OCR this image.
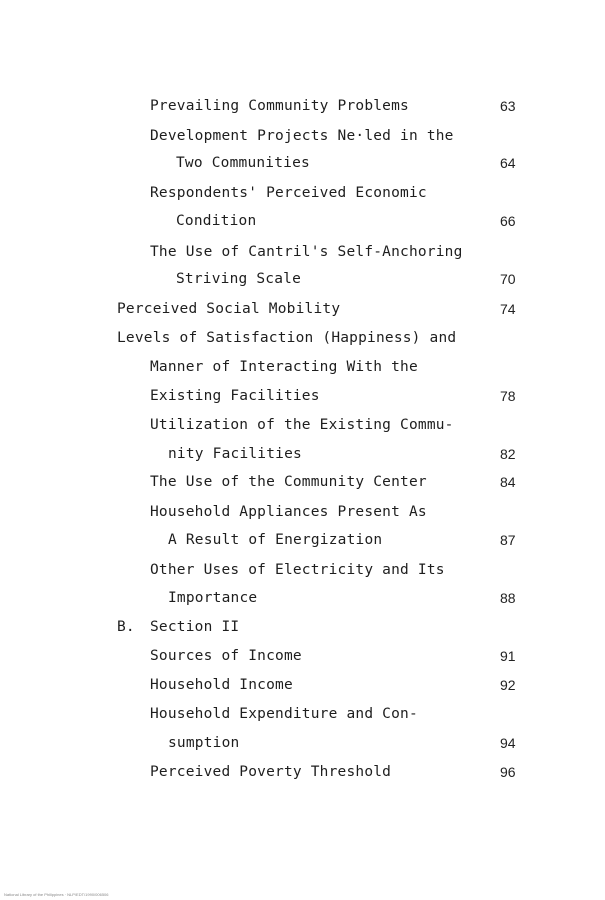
Prevailing Community Problems	63
Development Projects Ne·led in the
Two Communities	64
Respondents' Perceived Economic
Condition	66
The Use of Cantril's Self-Anchoring
Striving Scale	70
Perceived Social Mobility	74
Levels of Satisfaction (Happiness) and
Manner of Interacting With the
Existing Facilities	78
Utilization of the Existing Commu-
nity Facilities	82
The Use of the Community Center	84
Household Appliances Present As
A Result of Energization	87
Other Uses of Electricity and Its
Importance	88
B. Section II
Sources of Income	91
Household Income	92
Household Expenditure and Con-
sumption	94
Perceived Poverty Threshold	96
National Library of the Philippines · NLP/EDT/1990/006506
